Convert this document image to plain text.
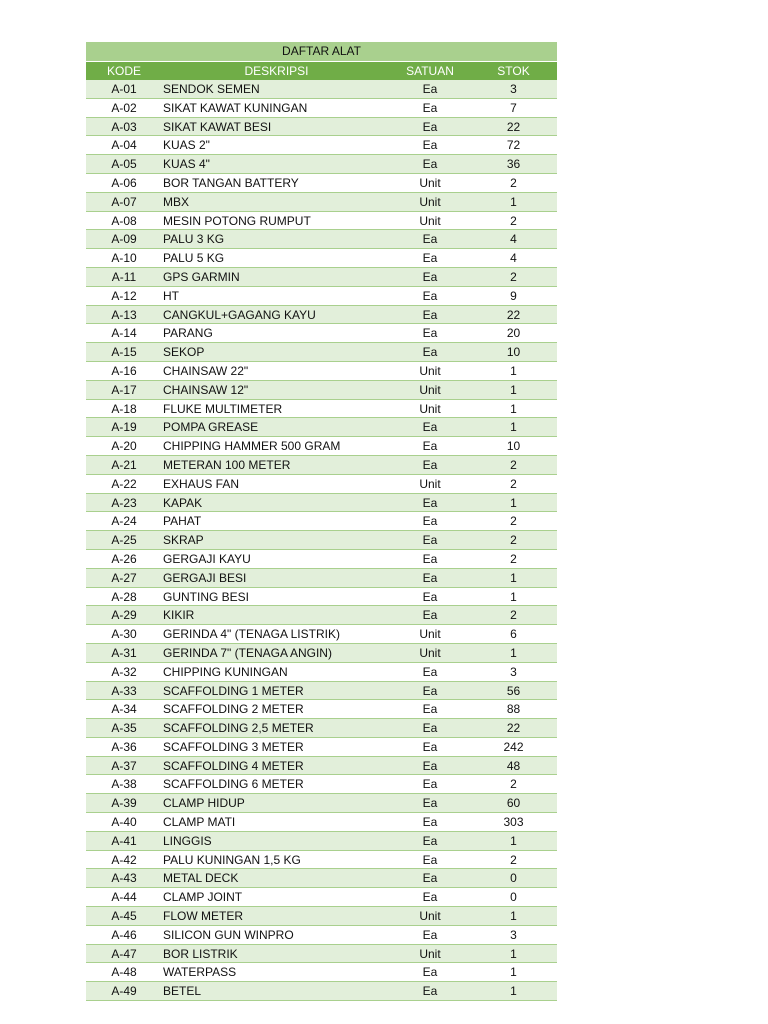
DAFTAR ALAT
KODE	DESKRIPSI	SATUAN	STOK
A-01	SENDOK SEMEN	Ea	3
A-02	SIKAT KAWAT KUNINGAN	Ea	7
A-03	SIKAT KAWAT BESI	Ea	22
A-04	KUAS 2"	Ea	72
A-05	KUAS 4"	Ea	36
A-06	BOR TANGAN BATTERY	Unit	2
A-07	MBX	Unit	1
A-08	MESIN POTONG RUMPUT	Unit	2
A-09	PALU 3 KG	Ea	4
A-10	PALU 5 KG	Ea	4
A-11	GPS GARMIN	Ea	2
A-12	HT	Ea	9
A-13	CANGKUL+GAGANG KAYU	Ea	22
A-14	PARANG	Ea	20
A-15	SEKOP	Ea	10
A-16	CHAINSAW 22"	Unit	1
A-17	CHAINSAW 12"	Unit	1
A-18	FLUKE MULTIMETER	Unit	1
A-19	POMPA GREASE	Ea	1
A-20	CHIPPING HAMMER 500 GRAM	Ea	10
A-21	METERAN 100 METER	Ea	2
A-22	EXHAUS FAN	Unit	2
A-23	KAPAK	Ea	1
A-24	PAHAT	Ea	2
A-25	SKRAP	Ea	2
A-26	GERGAJI KAYU	Ea	2
A-27	GERGAJI BESI	Ea	1
A-28	GUNTING BESI	Ea	1
A-29	KIKIR	Ea	2
A-30	GERINDA 4" (TENAGA LISTRIK)	Unit	6
A-31	GERINDA 7" (TENAGA ANGIN)	Unit	1
A-32	CHIPPING KUNINGAN	Ea	3
A-33	SCAFFOLDING 1 METER	Ea	56
A-34	SCAFFOLDING 2 METER	Ea	88
A-35	SCAFFOLDING 2,5 METER	Ea	22
A-36	SCAFFOLDING 3 METER	Ea	242
A-37	SCAFFOLDING 4 METER	Ea	48
A-38	SCAFFOLDING 6 METER	Ea	2
A-39	CLAMP HIDUP	Ea	60
A-40	CLAMP MATI	Ea	303
A-41	LINGGIS	Ea	1
A-42	PALU KUNINGAN 1,5 KG	Ea	2
A-43	METAL DECK	Ea	0
A-44	CLAMP JOINT	Ea	0
A-45	FLOW METER	Unit	1
A-46	SILICON GUN WINPRO	Ea	3
A-47	BOR LISTRIK	Unit	1
A-48	WATERPASS	Ea	1
A-49	BETEL	Ea	1
